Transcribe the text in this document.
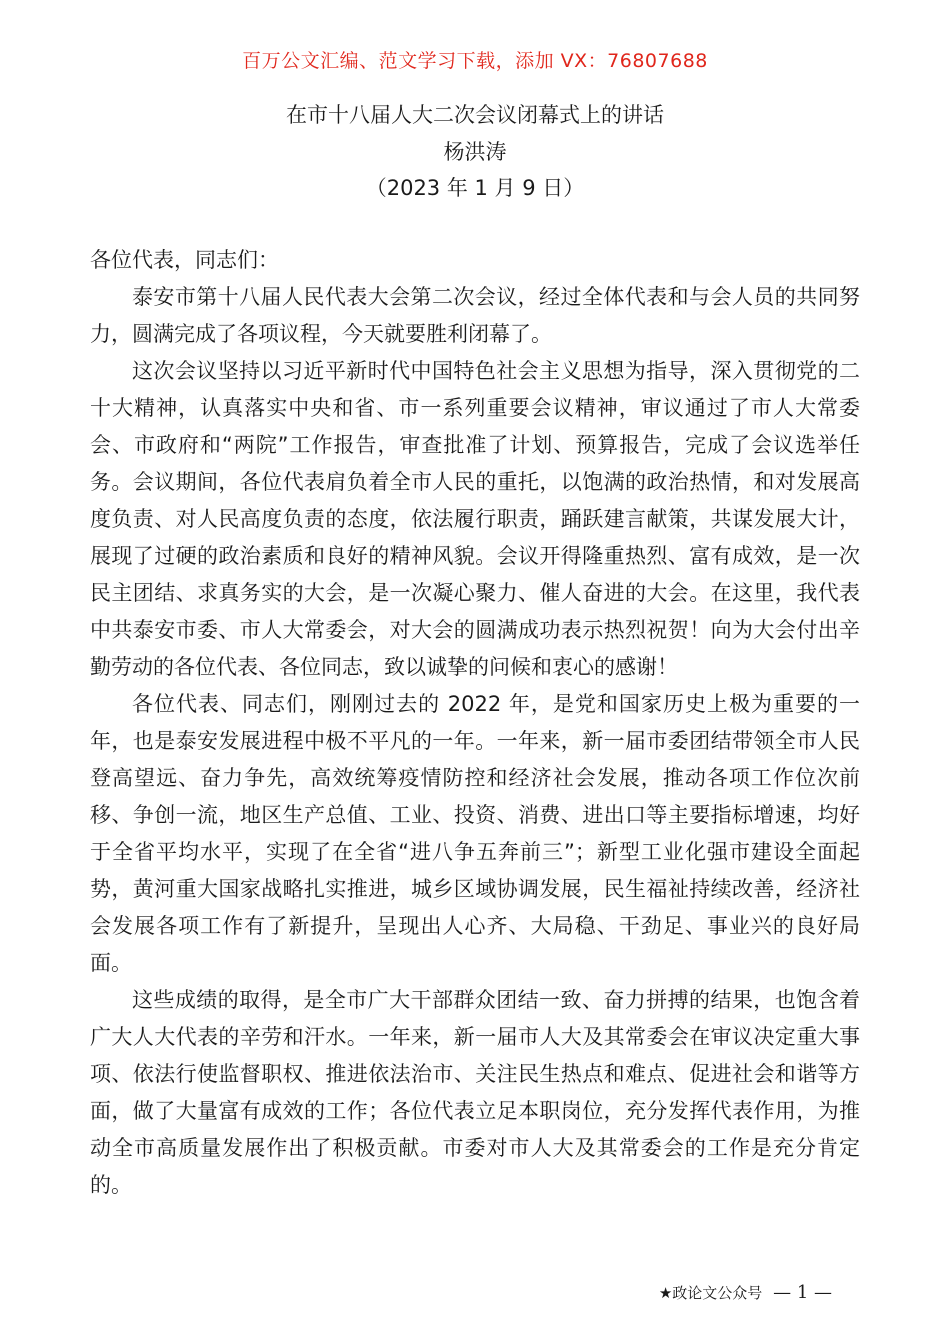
百万公文汇编、范文学习下载，添加 VX：76807688
在市十八届人大二次会议闭幕式上的讲话
杨洪涛
（2023 年 1 月 9 日）

各位代表，同志们：

泰安市第十八届人民代表大会第二次会议，经过全体代表和与会人员的共同努力，圆满完成了各项议程，今天就要胜利闭幕了。

这次会议坚持以习近平新时代中国特色社会主义思想为指导，深入贯彻党的二十大精神，认真落实中央和省、市一系列重要会议精神，审议通过了市人大常委会、市政府和“两院”工作报告，审查批准了计划、预算报告，完成了会议选举任务。会议期间，各位代表肩负着全市人民的重托，以饱满的政治热情，和对发展高度负责、对人民高度负责的态度，依法履行职责，踊跃建言献策，共谋发展大计，展现了过硬的政治素质和良好的精神风貌。会议开得隆重热烈、富有成效，是一次民主团结、求真务实的大会，是一次凝心聚力、催人奋进的大会。在这里，我代表中共泰安市委、市人大常委会，对大会的圆满成功表示热烈祝贺！向为大会付出辛勤劳动的各位代表、各位同志，致以诚挚的问候和衷心的感谢！

各位代表、同志们，刚刚过去的 2022 年，是党和国家历史上极为重要的一年，也是泰安发展进程中极不平凡的一年。一年来，新一届市委团结带领全市人民登高望远、奋力争先，高效统筹疫情防控和经济社会发展，推动各项工作位次前移、争创一流，地区生产总值、工业、投资、消费、进出口等主要指标增速，均好于全省平均水平，实现了在全省“进八争五奔前三”；新型工业化强市建设全面起势，黄河重大国家战略扎实推进，城乡区域协调发展，民生福祉持续改善，经济社会发展各项工作有了新提升，呈现出人心齐、大局稳、干劲足、事业兴的良好局面。

这些成绩的取得，是全市广大干部群众团结一致、奋力拼搏的结果，也饱含着广大人大代表的辛劳和汗水。一年来，新一届市人大及其常委会在审议决定重大事项、依法行使监督职权、推进依法治市、关注民生热点和难点、促进社会和谐等方面，做了大量富有成效的工作；各位代表立足本职岗位，充分发挥代表作用，为推动全市高质量发展作出了积极贡献。市委对市人大及其常委会的工作是充分肯定的。

★政论文公众号 — 1 —
